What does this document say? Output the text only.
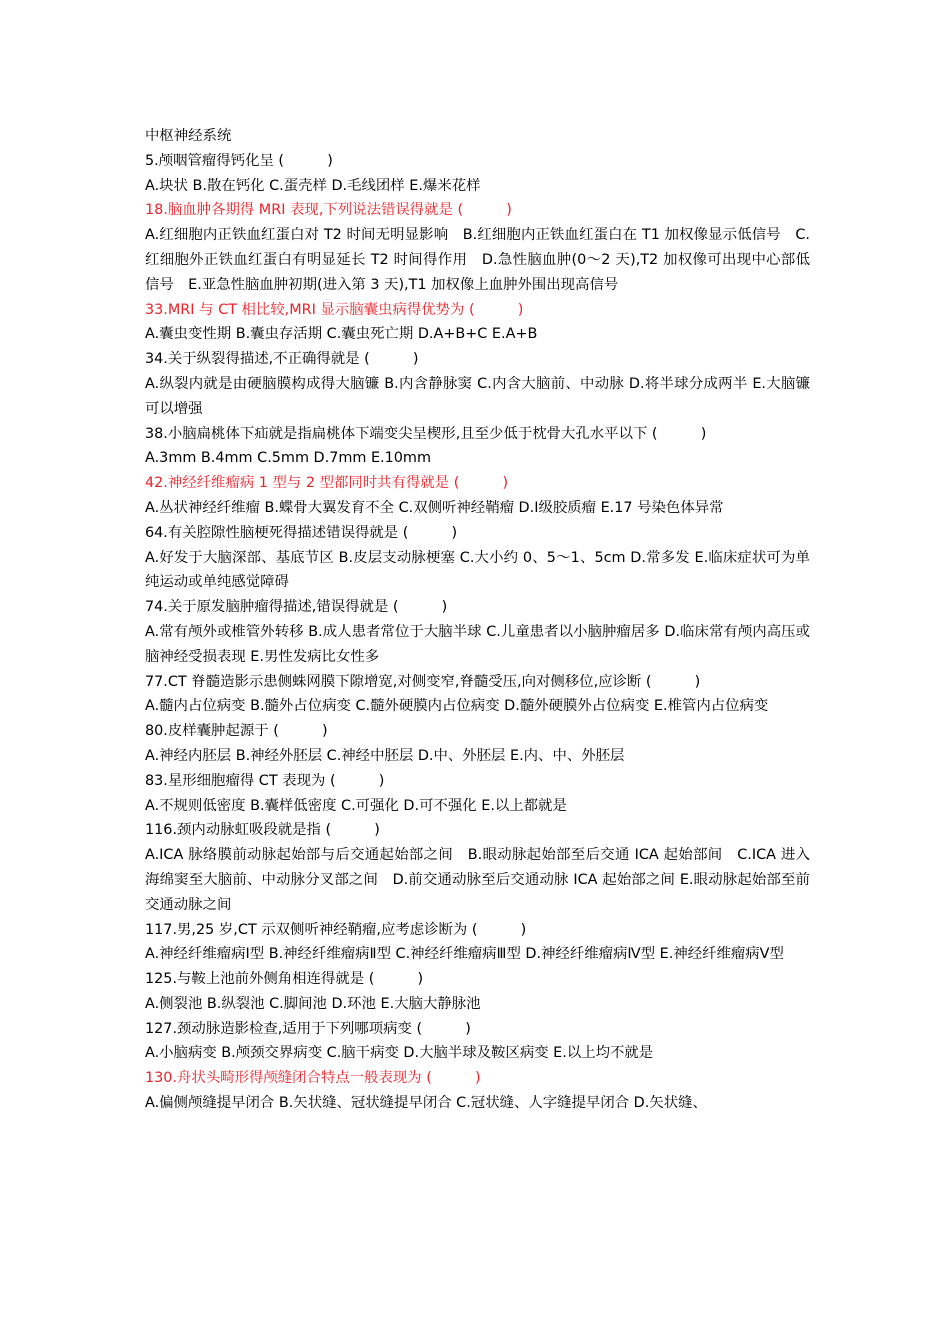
中枢神经系统
5.颅咽管瘤得钙化呈 (　　　)
A.块状 B.散在钙化 C.蛋壳样 D.毛线团样 E.爆米花样
18.脑血肿各期得 MRI 表现,下列说法错误得就是 (　　　)
A.红细胞内正铁血红蛋白对 T2 时间无明显影响　B.红细胞内正铁血红蛋白在 T1 加权像显示低信号　C.红细胞外正铁血红蛋白有明显延长 T2 时间得作用　D.急性脑血肿(0～2 天),T2 加权像可出现中心部低信号　E.亚急性脑血肿初期(进入第 3 天),T1 加权像上血肿外围出现高信号
33.MRI 与 CT 相比较,MRI 显示脑囊虫病得优势为 (　　　)
A.囊虫变性期 B.囊虫存活期 C.囊虫死亡期 D.A+B+C E.A+B
34.关于纵裂得描述,不正确得就是 (　　　)
A.纵裂内就是由硬脑膜构成得大脑镰 B.内含静脉窦 C.内含大脑前、中动脉 D.将半球分成两半 E.大脑镰可以增强
38.小脑扁桃体下疝就是指扁桃体下端变尖呈楔形,且至少低于枕骨大孔水平以下 (　　　)
A.3mm B.4mm C.5mm D.7mm E.10mm
42.神经纤维瘤病 1 型与 2 型都同时共有得就是 (　　　)
A.丛状神经纤维瘤 B.蝶骨大翼发育不全 C.双侧听神经鞘瘤 D.Ⅰ级胶质瘤 E.17 号染色体异常
64.有关腔隙性脑梗死得描述错误得就是 (　　　)
A.好发于大脑深部、基底节区 B.皮层支动脉梗塞 C.大小约 0、5～1、5cm D.常多发 E.临床症状可为单纯运动或单纯感觉障碍
74.关于原发脑肿瘤得描述,错误得就是 (　　　)
A.常有颅外或椎管外转移 B.成人患者常位于大脑半球 C.儿童患者以小脑肿瘤居多 D.临床常有颅内高压或脑神经受损表现 E.男性发病比女性多
77.CT 脊髓造影示患侧蛛网膜下隙增宽,对侧变窄,脊髓受压,向对侧移位,应诊断 (　　　)
A.髓内占位病变 B.髓外占位病变 C.髓外硬膜内占位病变 D.髓外硬膜外占位病变 E.椎管内占位病变
80.皮样囊肿起源于 (　　　)
A.神经内胚层 B.神经外胚层 C.神经中胚层 D.中、外胚层 E.内、中、外胚层
83.星形细胞瘤得 CT 表现为 (　　　)
A.不规则低密度 B.囊样低密度 C.可强化 D.可不强化 E.以上都就是
116.颈内动脉虹吸段就是指 (　　　)
A.ICA 脉络膜前动脉起始部与后交通起始部之间　B.眼动脉起始部至后交通 ICA 起始部间　C.ICA 进入海绵窦至大脑前、中动脉分叉部之间　D.前交通动脉至后交通动脉 ICA 起始部之间 E.眼动脉起始部至前交通动脉之间
117.男,25 岁,CT 示双侧听神经鞘瘤,应考虑诊断为 (　　　)
A.神经纤维瘤病Ⅰ型 B.神经纤维瘤病Ⅱ型 C.神经纤维瘤病Ⅲ型 D.神经纤维瘤病Ⅳ型 E.神经纤维瘤病Ⅴ型
125.与鞍上池前外侧角相连得就是 (　　　)
A.侧裂池 B.纵裂池 C.脚间池 D.环池 E.大脑大静脉池
127.颈动脉造影检查,适用于下列哪项病变 (　　　)
A.小脑病变 B.颅颈交界病变 C.脑干病变 D.大脑半球及鞍区病变 E.以上均不就是
130.舟状头畸形得颅缝闭合特点一般表现为 (　　　)
A.偏侧颅缝提早闭合 B.矢状缝、冠状缝提早闭合 C.冠状缝、人字缝提早闭合 D.矢状缝、
